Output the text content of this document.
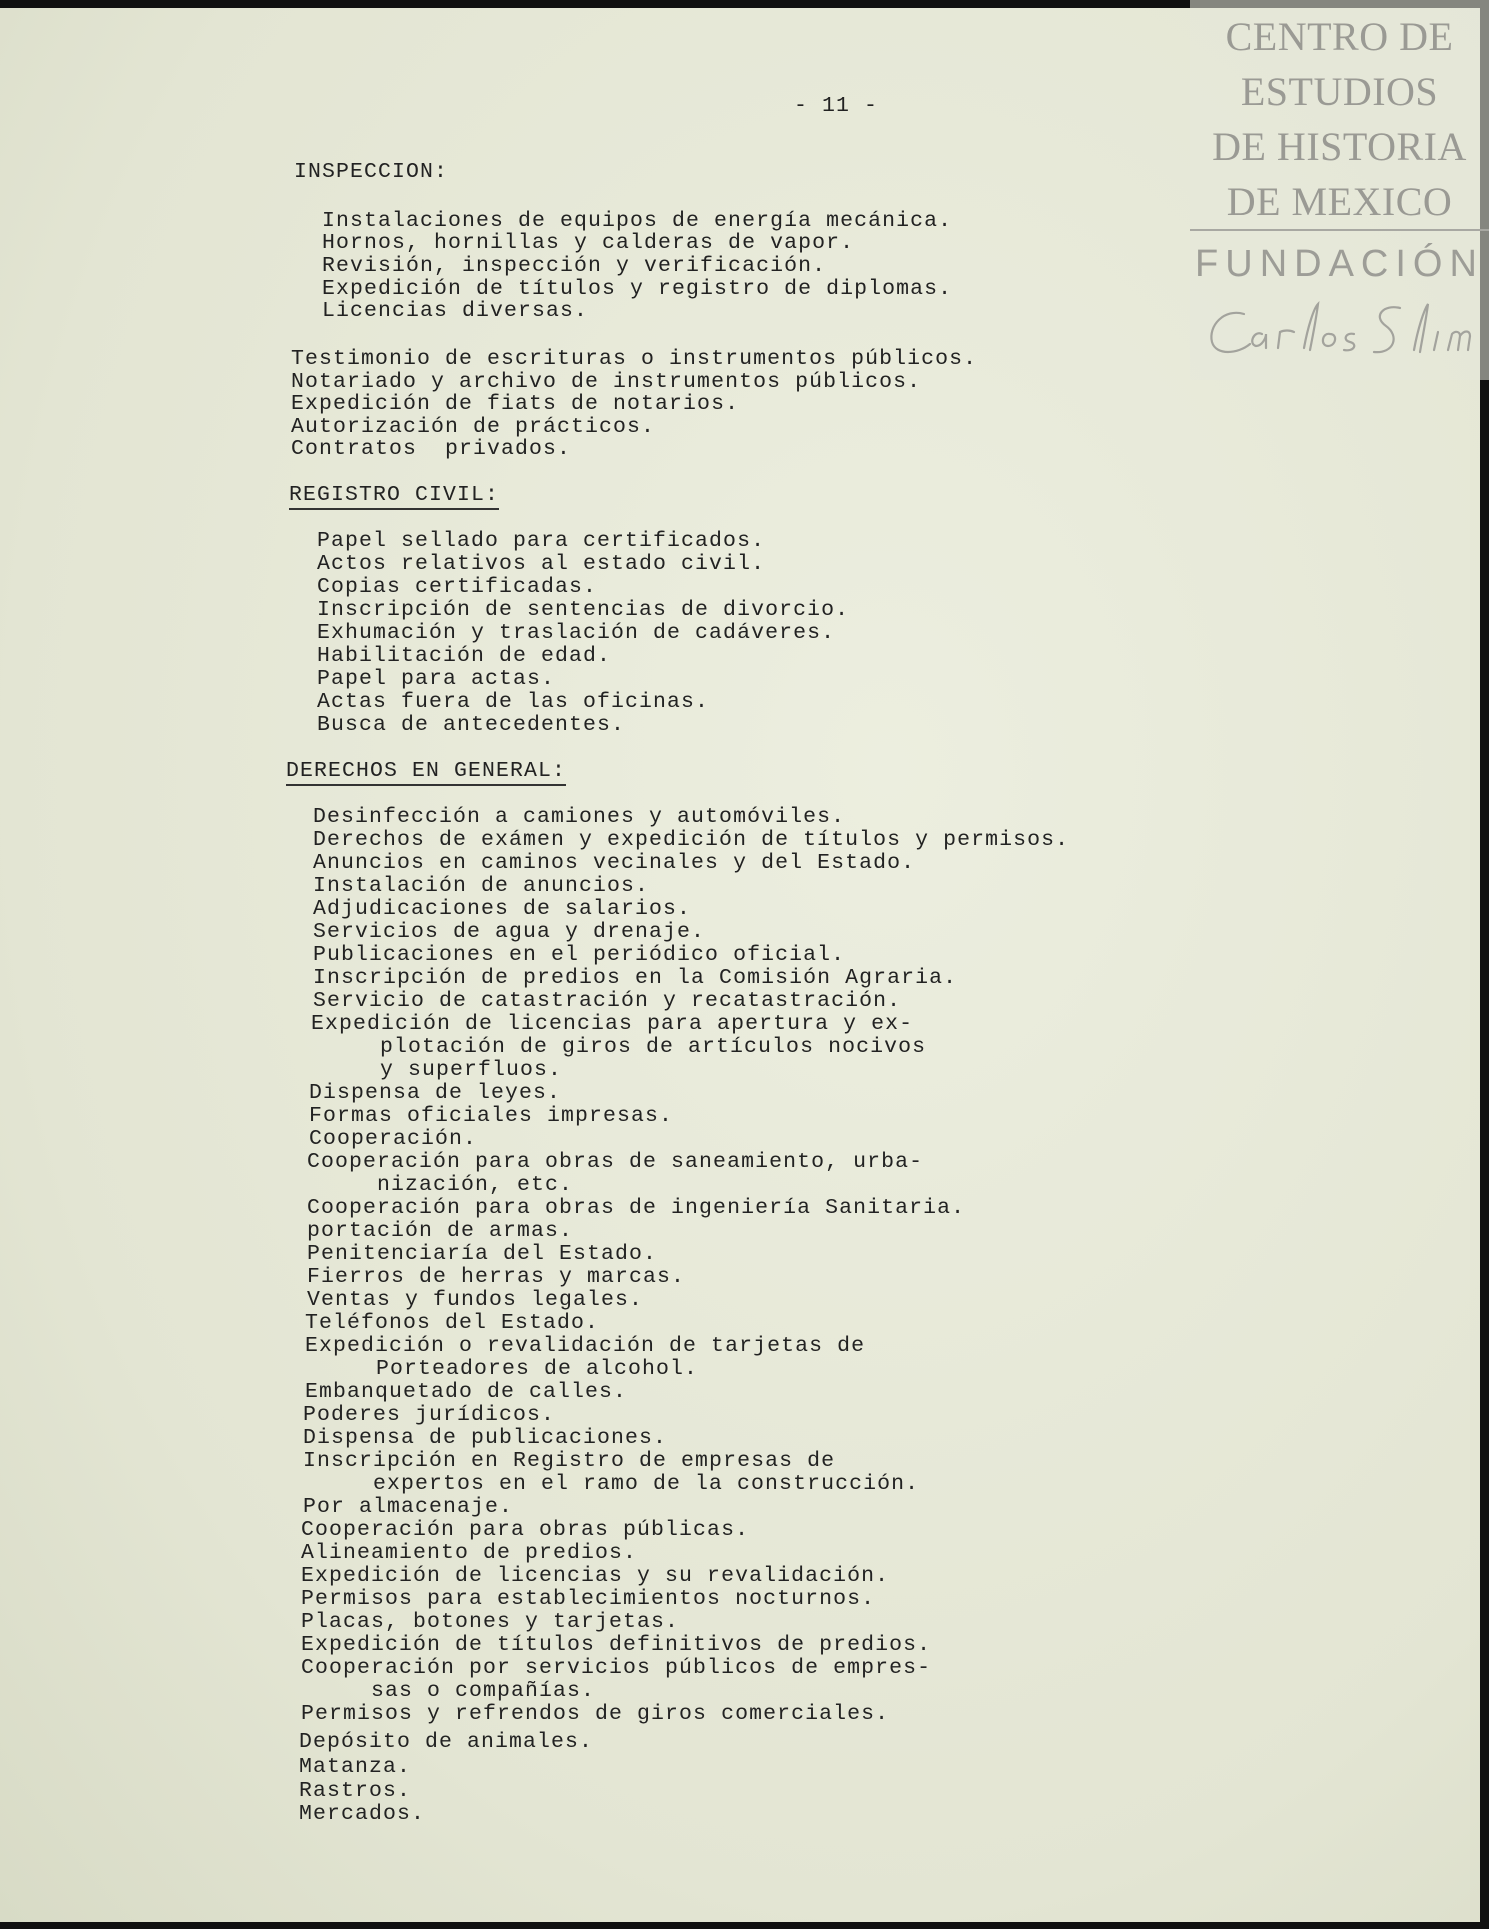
CENTRO DE
ESTUDIOS
DE HISTORIA
DE MEXICO
FUNDACIÓN
- 11 -
INSPECCION:
Instalaciones de equipos de energía mecánica.
Hornos, hornillas y calderas de vapor.
Revisión, inspección y verificación.
Expedición de títulos y registro de diplomas.
Licencias diversas.
Testimonio de escrituras o instrumentos públicos.
Notariado y archivo de instrumentos públicos.
Expedición de fiats de notarios.
Autorización de prácticos.
Contratos  privados.
REGISTRO CIVIL:
Papel sellado para certificados.
Actos relativos al estado civil.
Copias certificadas.
Inscripción de sentencias de divorcio.
Exhumación y traslación de cadáveres.
Habilitación de edad.
Papel para actas.
Actas fuera de las oficinas.
Busca de antecedentes.
DERECHOS EN GENERAL:
Desinfección a camiones y automóviles.
Derechos de exámen y expedición de títulos y permisos.
Anuncios en caminos vecinales y del Estado.
Instalación de anuncios.
Adjudicaciones de salarios.
Servicios de agua y drenaje.
Publicaciones en el periódico oficial.
Inscripción de predios en la Comisión Agraria.
Servicio de catastración y recatastración.
Expedición de licencias para apertura y ex-
plotación de giros de artículos nocivos
y superfluos.
Dispensa de leyes.
Formas oficiales impresas.
Cooperación.
Cooperación para obras de saneamiento, urba-
nización, etc.
Cooperación para obras de ingeniería Sanitaria.
portación de armas.
Penitenciaría del Estado.
Fierros de herras y marcas.
Ventas y fundos legales.
Teléfonos del Estado.
Expedición o revalidación de tarjetas de
Porteadores de alcohol.
Embanquetado de calles.
Poderes jurídicos.
Dispensa de publicaciones.
Inscripción en Registro de empresas de
expertos en el ramo de la construcción.
Por almacenaje.
Cooperación para obras públicas.
Alineamiento de predios.
Expedición de licencias y su revalidación.
Permisos para establecimientos nocturnos.
Placas, botones y tarjetas.
Expedición de títulos definitivos de predios.
Cooperación por servicios públicos de empres-
sas o compañías.
Permisos y refrendos de giros comerciales.
Depósito de animales.
Matanza.
Rastros.
Mercados.
